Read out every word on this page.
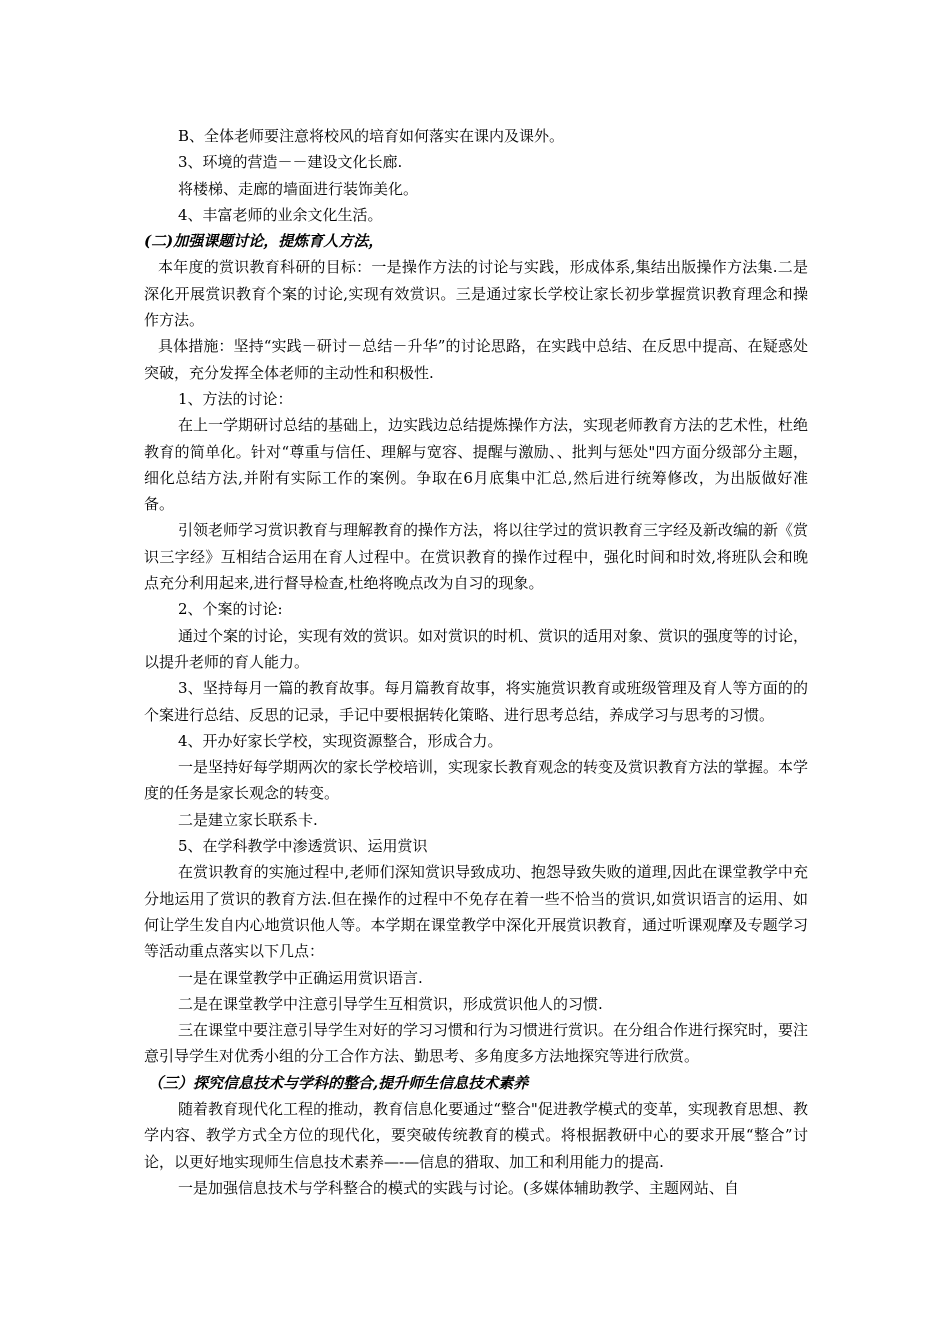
B、全体老师要注意将校风的培育如何落实在课内及课外。

3、环境的营造－－建设文化长廊.

将楼梯、走廊的墙面进行装饰美化。

4、丰富老师的业余文化生活。

(二)加强课题讨论，提炼育人方法，

本年度的赏识教育科研的目标：一是操作方法的讨论与实践，形成体系,集结出版操作方法集.二是深化开展赏识教育个案的讨论,实现有效赏识。三是通过家长学校让家长初步掌握赏识教育理念和操作方法。

具体措施：坚持“实践－研讨－总结－升华”的讨论思路，在实践中总结、在反思中提高、在疑惑处突破，充分发挥全体老师的主动性和积极性.

1、方法的讨论：

在上一学期研讨总结的基础上，边实践边总结提炼操作方法，实现老师教育方法的艺术性，杜绝教育的简单化。针对“尊重与信任、理解与宽容、提醒与激励、、批判与惩处"四方面分级部分主题，细化总结方法,并附有实际工作的案例。争取在6月底集中汇总,然后进行统筹修改，为出版做好准备。

引领老师学习赏识教育与理解教育的操作方法，将以往学过的赏识教育三字经及新改编的新《赏识三字经》互相结合运用在育人过程中。在赏识教育的操作过程中，强化时间和时效,将班队会和晚点充分利用起来,进行督导检查,杜绝将晚点改为自习的现象。

2、个案的讨论:

通过个案的讨论，实现有效的赏识。如对赏识的时机、赏识的适用对象、赏识的强度等的讨论，以提升老师的育人能力。

3、坚持每月一篇的教育故事。每月篇教育故事，将实施赏识教育或班级管理及育人等方面的的个案进行总结、反思的记录，手记中要根据转化策略、进行思考总结，养成学习与思考的习惯。

4、开办好家长学校，实现资源整合，形成合力。

一是坚持好每学期两次的家长学校培训，实现家长教育观念的转变及赏识教育方法的掌握。本学度的任务是家长观念的转变。

二是建立家长联系卡.

5、在学科教学中渗透赏识、运用赏识

在赏识教育的实施过程中,老师们深知赏识导致成功、抱怨导致失败的道理,因此在课堂教学中充分地运用了赏识的教育方法.但在操作的过程中不免存在着一些不恰当的赏识,如赏识语言的运用、如何让学生发自内心地赏识他人等。本学期在课堂教学中深化开展赏识教育，通过听课观摩及专题学习等活动重点落实以下几点：

一是在课堂教学中正确运用赏识语言.

二是在课堂教学中注意引导学生互相赏识，形成赏识他人的习惯.

三在课堂中要注意引导学生对好的学习习惯和行为习惯进行赏识。在分组合作进行探究时，要注意引导学生对优秀小组的分工合作方法、勤思考、多角度多方法地探究等进行欣赏。

（三）探究信息技术与学科的整合,提升师生信息技术素养

随着教育现代化工程的推动，教育信息化要通过“整合"促进教学模式的变革，实现教育思想、教学内容、教学方式全方位的现代化，要突破传统教育的模式。将根据教研中心的要求开展“整合”讨论，以更好地实现师生信息技术素养—-—信息的猎取、加工和利用能力的提高.

一是加强信息技术与学科整合的模式的实践与讨论。(多媒体辅助教学、主题网站、自
